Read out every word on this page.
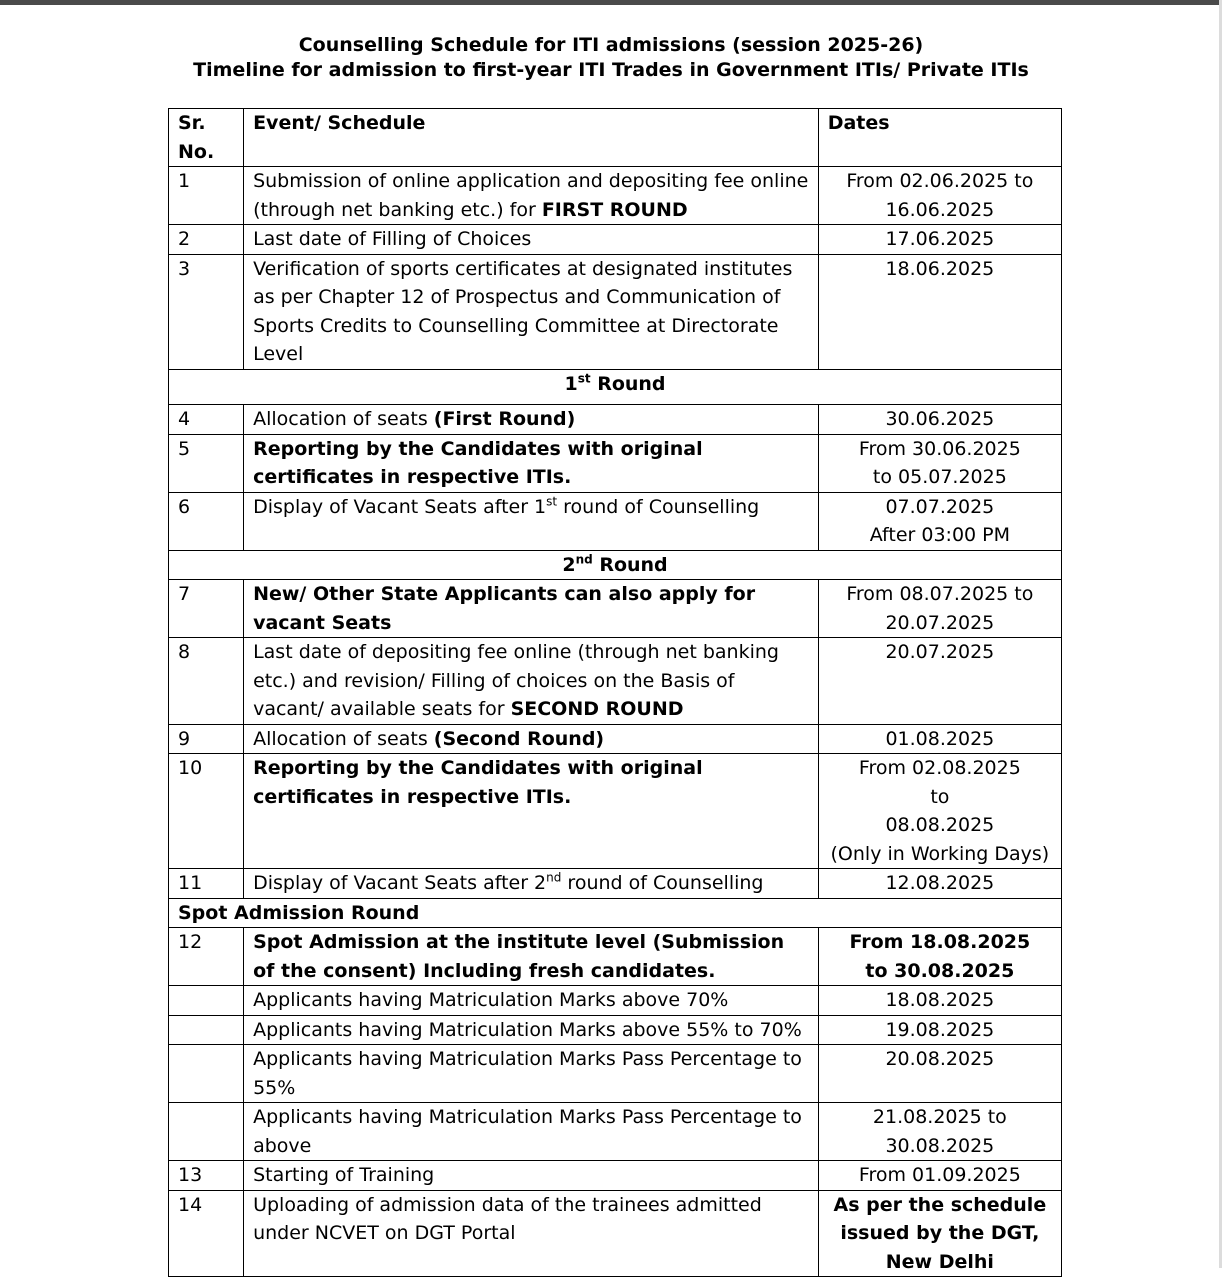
Counselling Schedule for ITI admissions (session 2025-26)
Timeline for admission to first-year ITI Trades in Government ITIs/ Private ITIs
Sr.
No.	Event/ Schedule	Dates
1	Submission of online application and depositing fee online (through net banking etc.) for FIRST ROUND	From 02.06.2025 to
16.06.2025
2	Last date of Filling of Choices	17.06.2025
3	Verification of sports certificates at designated institutes as per Chapter 12 of Prospectus and Communication of Sports Credits to Counselling Committee at Directorate Level	18.06.2025
1st Round		
4	Allocation of seats (First Round)	30.06.2025
5	Reporting by the Candidates with original certificates in respective ITIs.	From 30.06.2025
to 05.07.2025
6	Display of Vacant Seats after 1st round of Counselling	07.07.2025
After 03:00 PM
2nd Round		
7	New/ Other State Applicants can also apply for vacant Seats	From 08.07.2025 to
20.07.2025
8	Last date of depositing fee online (through net banking etc.) and revision/ Filling of choices on the Basis of vacant/ available seats for SECOND ROUND	20.07.2025
9	Allocation of seats (Second Round)	01.08.2025
10	Reporting by the Candidates with original certificates in respective ITIs.	From 02.08.2025
to
08.08.2025
(Only in Working Days)
11	Display of Vacant Seats after 2nd round of Counselling	12.08.2025
Spot Admission Round		
12	Spot Admission at the institute level (Submission of the consent) Including fresh candidates.	From 18.08.2025
to 30.08.2025
	Applicants having Matriculation Marks above 70%	18.08.2025
	Applicants having Matriculation Marks above 55% to 70%	19.08.2025
	Applicants having Matriculation Marks Pass Percentage to 55%	20.08.2025
	Applicants having Matriculation Marks Pass Percentage to above	21.08.2025 to
30.08.2025
13	Starting of Training	From 01.09.2025
14	Uploading of admission data of the trainees admitted under NCVET on DGT Portal	As per the schedule
issued by the DGT,
New Delhi
